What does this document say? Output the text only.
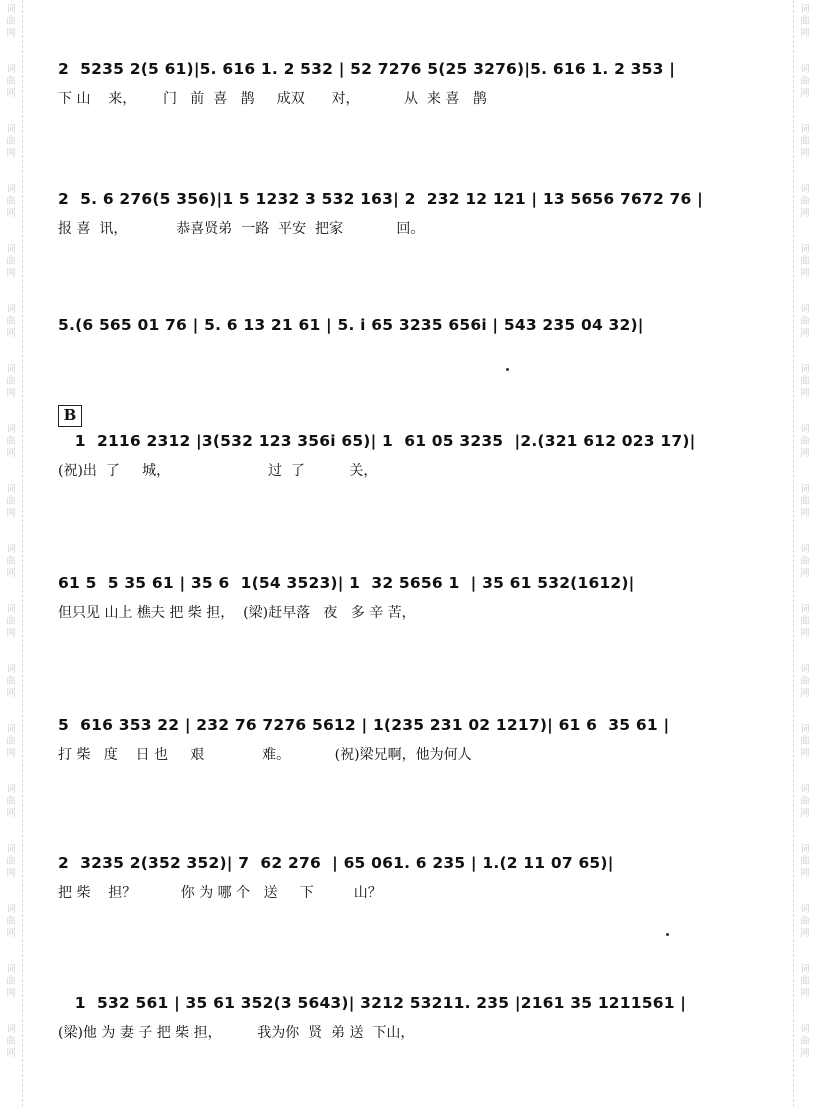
词
曲
网
词
曲
网
词
曲
网
词
曲
网
词
曲
网
词
曲
网
词
曲
网
词
曲
网
词
曲
网
词
曲
网
词
曲
网
词
曲
网
词
曲
网
词
曲
网
词
曲
网
词
曲
网
词
曲
网
词
曲
网
词
曲
网
词
曲
网
词
曲
网
词
曲
网
词
曲
网
词
曲
网
词
曲
网
词
曲
网
词
曲
网
词
曲
网
词
曲
网
词
曲
网
词
曲
网
词
曲
网
词
曲
网
词
曲
网
词
曲
网
词
曲
网
2  5235 2(5 61)|5. 616 1. 2 532 | 52 7276 5(25 3276)|5. 616 1. 2 353 |
下 山    来，      门   前  喜   鹊     成双      对，          从  来 喜   鹊
2  5. 6 276(5 356)|1 5 1232 3 532 163| 2  232 12 121 | 13 5656 7672 76 |
报 喜  讯，           恭喜贤弟  一路  平安  把家            回。
5.(6 565 01 76 | 5. 6 13 21 61 | 5. i 65 3235 656i | 543 235 04 32)|
B
1  2116 2312 |3(532 123 356i 65)| 1  61 05 3235  |2.(321 612 023 17)|
(祝)出  了     城，                      过  了          关，
61 5  5 35 61 | 35 6  1(54 3523)| 1  32 5656 1  | 35 61 532(1612)|
但只见 山上 樵夫 把 柴 担，  (梁)赶早落   夜   多 辛 苦，
5  616 353 22 | 232 76 7276 5612 | 1(235 231 02 1217)| 61 6  35 61 |
打 柴   度    日 也     艰             难。          (祝)梁兄啊，他为何人
2  3235 2(352 352)| 7  62 276  | 65 061. 6 235 | 1.(2 11 07 65)|
把 柴    担？          你 为 哪 个   送     下         山？
1  532 561 | 35 61 352(3 5643)| 3212 53211. 235 |2161 35 1211561 |
(梁)他 为 妻 子 把 柴 担，        我为你  贤  弟 送  下山，
